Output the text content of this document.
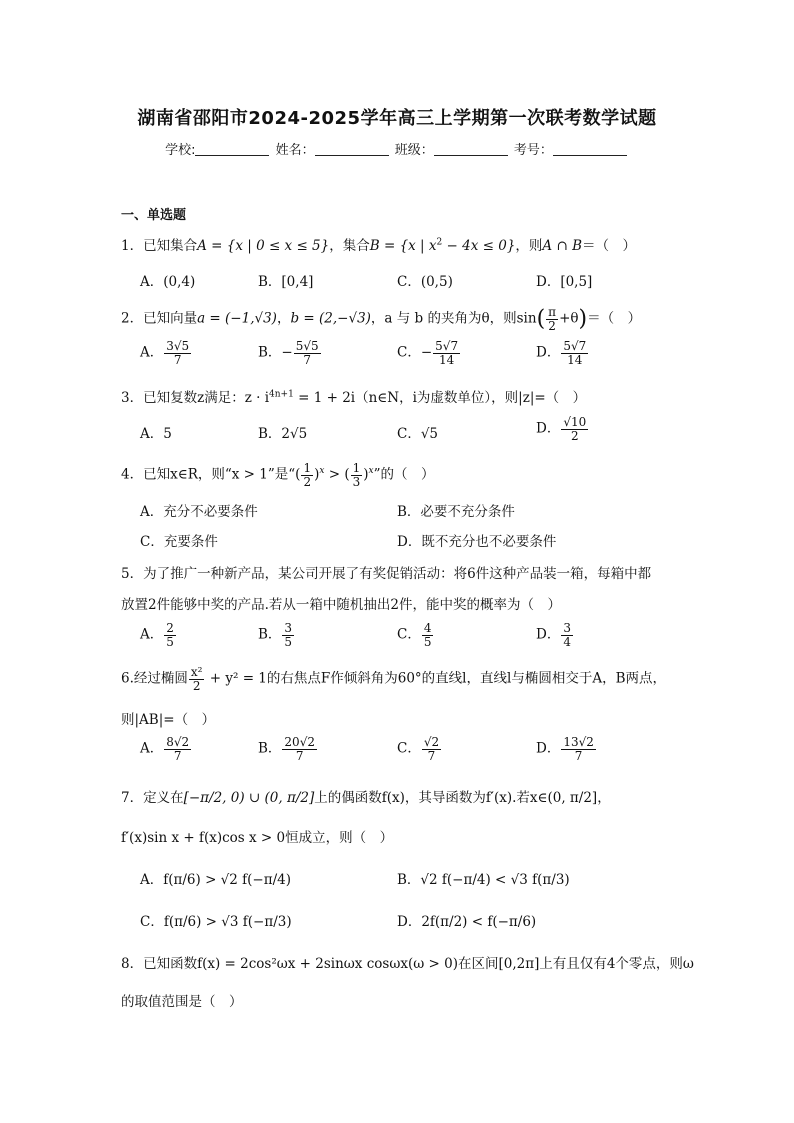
湖南省邵阳市2024-2025学年高三上学期第一次联考数学试题
学校:	姓名：	班级：	考号：
一、单选题
1．已知集合A = {x | 0 ≤ x ≤ 5}，集合B = {x | $x^2 - 4x \le 0$}，则A ∩ B＝（　）
A．(0,4)	B．[0,4]	C．(0,5)	D．[0,5]
2．已知向量a = (−1,√3)，b = (2,−√3)，a 与 b 的夹角为θ，则$\sin( \frac{\pi}{2} +\theta)=$（　）
A． $\frac{3√5}{7}$	B．− $\frac{5√5}{7}$	C．− $\frac{5√7}{14}$	D． $\frac{5√7}{14}$
3．已知复数z满足：$z \cdot i^{4n+1} = 1$ + 2i（n∈N，i为虚数单位），则|z|=（　）
A．5	B．2√5	C．√5	D． $\frac{√10}{2}$
4．已知x∈R，则“x > 1”是“( $\frac{1}{2} )^x$ > ( $\frac{1}{3} )^x$”的（　）
A．充分不必要条件	B．必要不充分条件
C．充要条件	D．既不充分也不必要条件
5．为了推广一种新产品，某公司开展了有奖促销活动：将6件这种产品装一箱，每箱中都
放置2件能够中奖的产品.若从一箱中随机抽出2件，能中奖的概率为（　）
A． $\frac{2}{5}$	B． $\frac{3}{5}$	C． $\frac{4}{5}$	D． $\frac{3}{4}$
6.经过椭圆 $\frac{\text{x²}}{2} + y^2 = 1$的右焦点F作倾斜角为60°的直线l，直线l与椭圆相交于A，B两点，
则|AB|=（　）
A． $\frac{8√2}{7}$	B． $\frac{20√2}{7}$	C． $\frac{√2}{7}$	D． $\frac{13√2}{7}$
7．定义在[−π/2, 0) ∪ (0, π/2]上的偶函数f(x)，其导函数为f′(x).若x∈(0, π/2]，
f′(x)sin x + f(x)cos x > 0恒成立，则（　）
A．f(π/6) > √2 f(−π/4)	B．√2 f(−π/4) < √3 f(π/3)
C．f(π/6) > √3 f(−π/3)	D．2f(π/2) < f(−π/6)
8．已知函数f(x) = 2cos²ωx + 2sinωx cosωx(ω > 0)在区间[0,2π]上有且仅有4个零点，则ω
的取值范围是（　）
